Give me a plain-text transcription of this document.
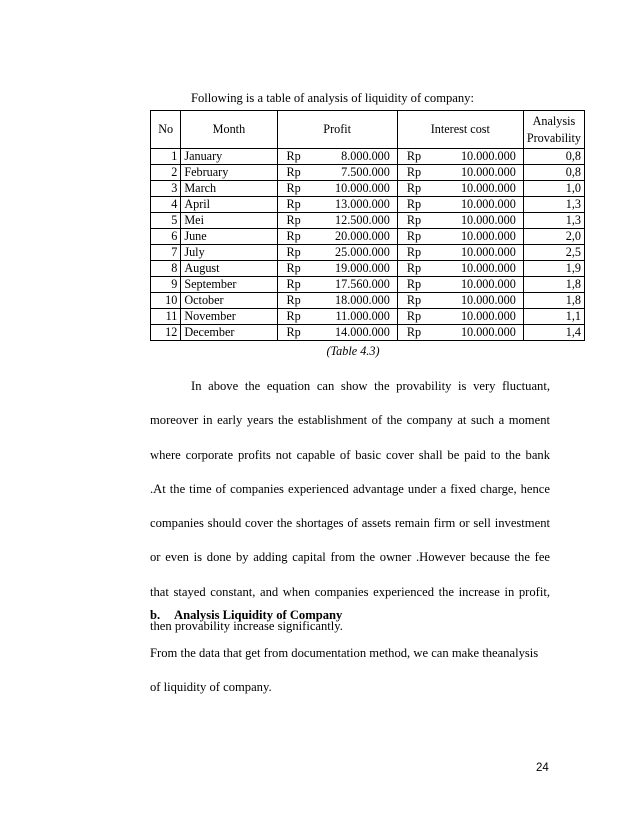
Following is a table of analysis of liquidity of company:

No	Month	Profit	Interest cost	Analysis
Provability
1	January	Rp 8.000.000	Rp 10.000.000	0,8
2	February	Rp 7.500.000	Rp 10.000.000	0,8
3	March	Rp 10.000.000	Rp 10.000.000	1,0
4	April	Rp 13.000.000	Rp 10.000.000	1,3
5	Mei	Rp 12.500.000	Rp 10.000.000	1,3
6	June	Rp 20.000.000	Rp 10.000.000	2,0
7	July	Rp 25.000.000	Rp 10.000.000	2,5
8	August	Rp 19.000.000	Rp 10.000.000	1,9
9	September	Rp 17.560.000	Rp 10.000.000	1,8
10	October	Rp 18.000.000	Rp 10.000.000	1,8
11	November	Rp 11.000.000	Rp 10.000.000	1,1
12	December	Rp 14.000.000	Rp 10.000.000	1,4

(Table 4.3)

In above the equation can show the provability is very fluctuant,
moreover in early years the establishment of the company at such a moment
where corporate profits not capable of basic cover shall be paid to the bank
.At the time of companies experienced advantage under a fixed charge, hence
companies should cover the shortages of assets remain firm or sell investment
or even is done by adding capital from the owner .However because the fee
that stayed constant, and when companies experienced the increase in profit,
then provability increase significantly.

b. Analysis Liquidity of Company

From the data that get from documentation method, we can make theanalysis of liquidity of company.

24
